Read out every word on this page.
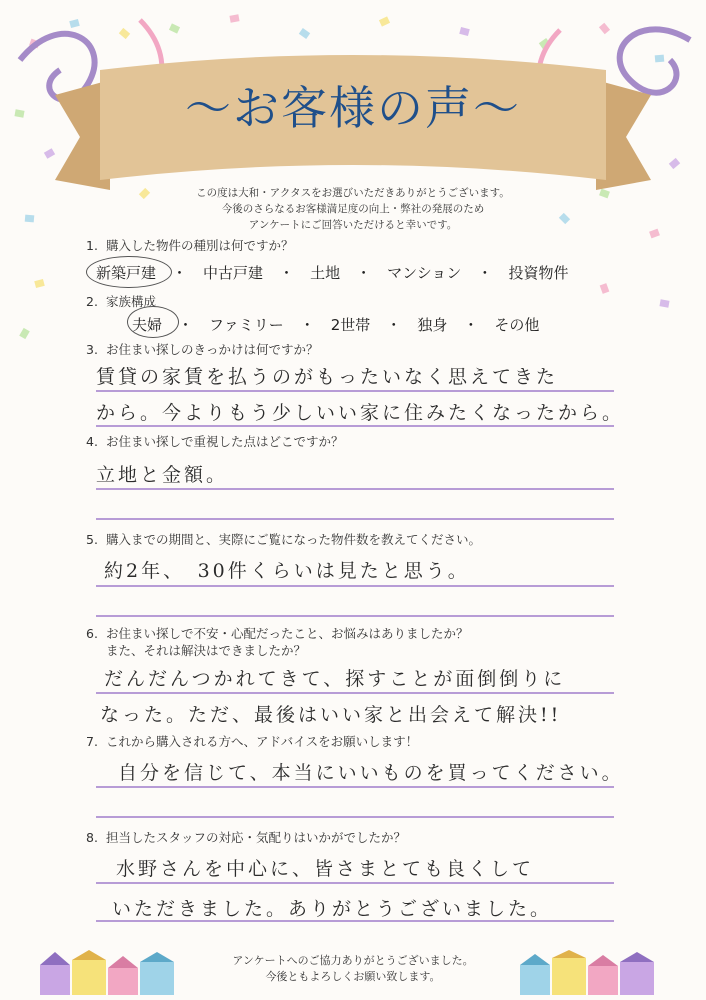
〜お客様の声〜
この度は大和・アクタスをお選びいただきありがとうございます。
今後のさらなるお客様満足度の向上・弊社の発展のため
アンケートにご回答いただけると幸いです。
1. 購入した物件の種別は何ですか？
新築戸建 ・ 中古戸建 ・ 土地 ・ マンション ・ 投資物件
2. 家族構成
夫婦 ・ ファミリー ・ 2世帯 ・ 独身 ・ その他
3. お住まい探しのきっかけは何ですか？
賃貸の家賃を払うのがもったいなく思えてきた
から。今よりもう少しいい家に住みたくなったから。
4. お住まい探しで重視した点はどこですか？
立地と金額。
5. 購入までの期間と、実際にご覧になった物件数を教えてください。
約2年、　30件くらいは見たと思う。
6. お住まい探しで不安・心配だったこと、お悩みはありましたか？
また、それは解決はできましたか？
だんだんつかれてきて、探すことが面倒倒りに
なった。ただ、最後はいい家と出会えて解決!!
7. これから購入される方へ、アドバイスをお願いします！
自分を信じて、本当にいいものを買ってください。
8. 担当したスタッフの対応・気配りはいかがでしたか？
水野さんを中心に、皆さまとても良くして
いただきました。ありがとうございました。
アンケートへのご協力ありがとうございました。
今後ともよろしくお願い致します。
